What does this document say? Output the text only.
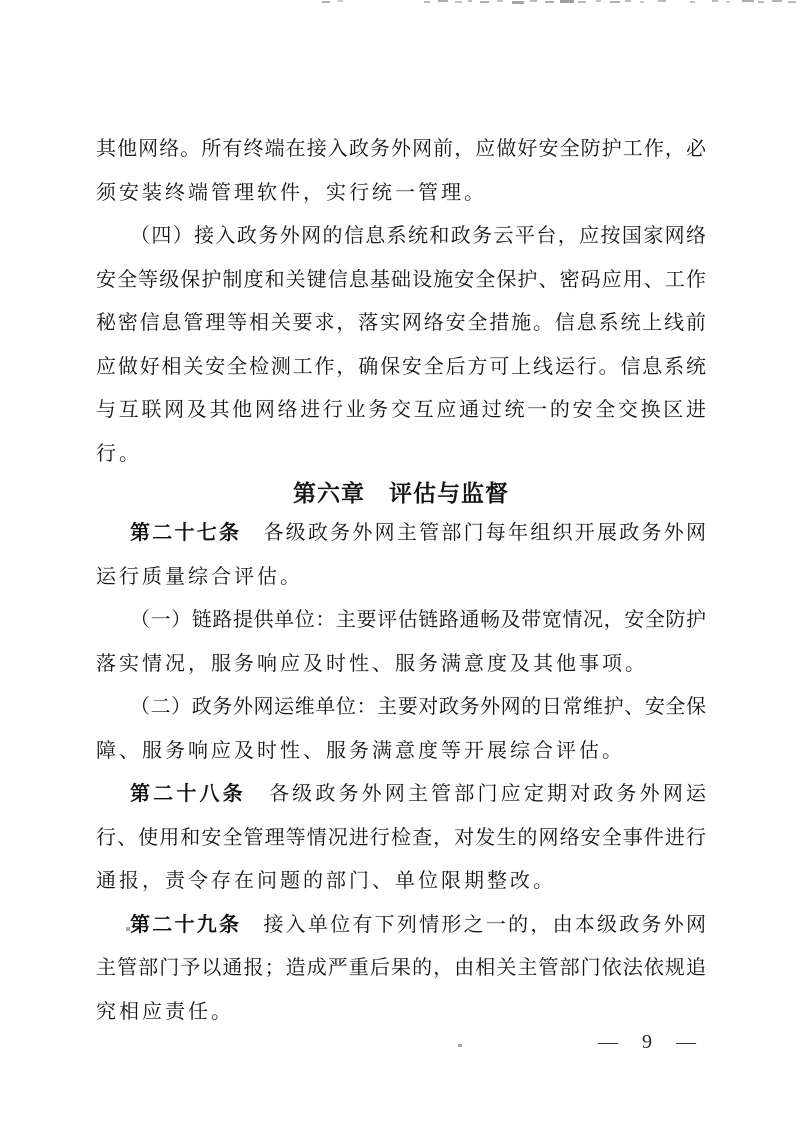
其他网络。所有终端在接入政务外网前，应做好安全防护工作，必
须安装终端管理软件，实行统一管理。
（四）接入政务外网的信息系统和政务云平台，应按国家网络
安全等级保护制度和关键信息基础设施安全保护、密码应用、工作
秘密信息管理等相关要求，落实网络安全措施。信息系统上线前
应做好相关安全检测工作，确保安全后方可上线运行。信息系统
与互联网及其他网络进行业务交互应通过统一的安全交换区进
行。
第六章　评估与监督
第二十七条　各级政务外网主管部门每年组织开展政务外网
运行质量综合评估。
（一）链路提供单位：主要评估链路通畅及带宽情况，安全防护
落实情况，服务响应及时性、服务满意度及其他事项。
（二）政务外网运维单位：主要对政务外网的日常维护、安全保
障、服务响应及时性、服务满意度等开展综合评估。
第二十八条　各级政务外网主管部门应定期对政务外网运
行、使用和安全管理等情况进行检查，对发生的网络安全事件进行
通报，责令存在问题的部门、单位限期整改。
第二十九条　接入单位有下列情形之一的，由本级政务外网
主管部门予以通报；造成严重后果的，由相关主管部门依法依规追
究相应责任。
— 9 —
